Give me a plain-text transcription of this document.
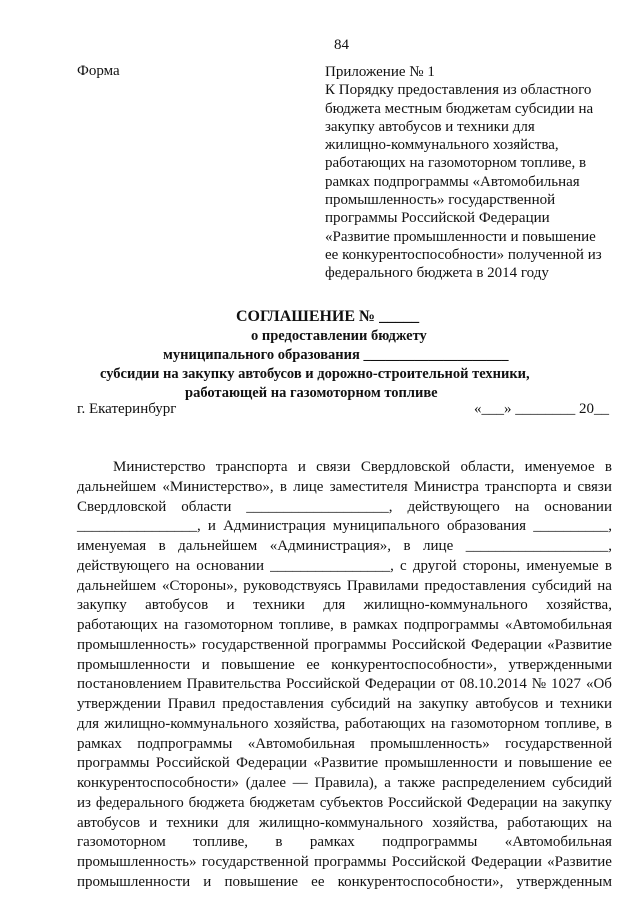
84
Форма	Приложение № 1
К Порядку предоставления из областного
бюджета местным бюджетам субсидии на
закупку автобусов и техники для
жилищно-коммунального хозяйства,
работающих на газомоторном топливе, в
рамках подпрограммы «Автомобильная
промышленность» государственной
программы Российской Федерации
«Развитие промышленности и повышение
ее конкурентоспособности» полученной из
федерального бюджета в 2014 году
СОГЛАШЕНИЕ № _____
о предоставлении бюджету
муниципального образования ____________________
субсидии на закупку автобусов и дорожно-строительной техники,
работающей на газомоторном топливе
г. Екатеринбург	«___» ________ 20__
Министерство транспорта и связи Свердловской области, именуемое в
дальнейшем «Министерство», в лице заместителя Министра транспорта и связи
Свердловской области ___________________, действующего на основании
________________, и Администрация муниципального образования __________,
именуемая в дальнейшем «Администрация», в лице ___________________,
действующего на основании ________________, с другой стороны, именуемые в
дальнейшем «Стороны», руководствуясь Правилами предоставления субсидий на
закупку автобусов и техники для жилищно-коммунального хозяйства,
работающих на газомоторном топливе, в рамках подпрограммы «Автомобильная
промышленность» государственной программы Российской Федерации «Развитие
промышленности и повышение ее конкурентоспособности», утвержденными
постановлением Правительства Российской Федерации от 08.10.2014 № 1027 «Об
утверждении Правил предоставления субсидий на закупку автобусов и техники
для жилищно-коммунального хозяйства, работающих на газомоторном топливе, в
рамках подпрограммы «Автомобильная промышленность» государственной
программы Российской Федерации «Развитие промышленности и повышение ее
конкурентоспособности» (далее — Правила), а также распределением субсидий
из федерального бюджета бюджетам субъектов Российской Федерации на закупку
автобусов и техники для жилищно-коммунального хозяйства, работающих на
газомоторном топливе, в рамках подпрограммы «Автомобильная
промышленность» государственной программы Российской Федерации «Развитие
промышленности и повышение ее конкурентоспособности», утвержденным
